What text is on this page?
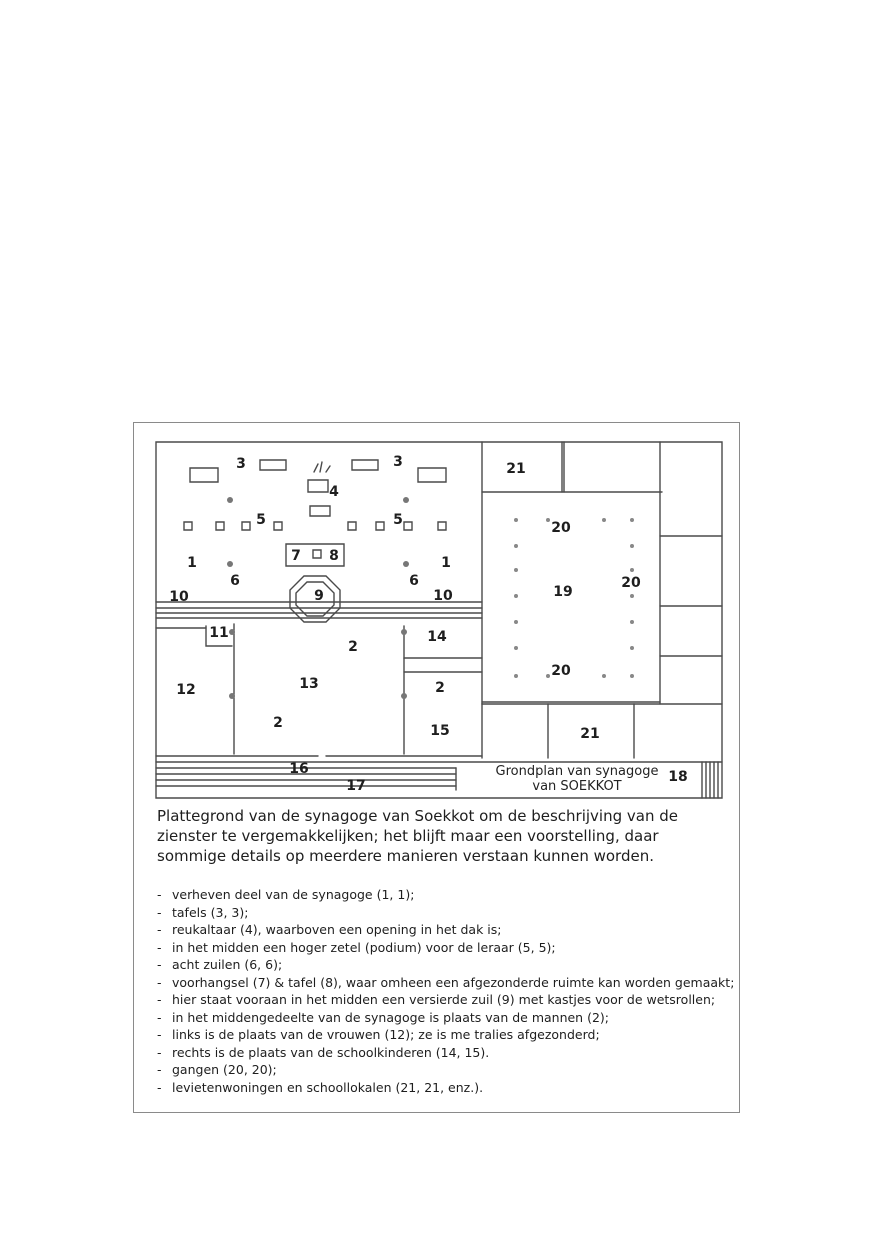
3	3
4
5	5
1	1
7 8
6	6
9
10	10
11
2
14
12	13	2
2	15
16
17
18
19
20
20
20
21
21
Grondplan van synagoge
van SOEKKOT

Plattegrond van de synagoge van Soekkot om de beschrijving van de zienster te vergemakkelijken; het blijft maar een voorstelling, daar sommige details op meerdere manieren verstaan kunnen worden.

- verheven deel van de synagoge (1, 1);
- tafels (3, 3);
- reukaltaar (4), waarboven een opening in het dak is;
- in het midden een hoger zetel (podium) voor de leraar (5, 5);
- acht zuilen (6, 6);
- voorhangsel (7) & tafel (8), waar omheen een afgezonderde ruimte kan worden gemaakt;
- hier staat vooraan in het midden een versierde zuil (9) met kastjes voor de wetsrollen;
- in het middengedeelte van de synagoge is plaats van de mannen (2);
- links is de plaats van de vrouwen (12); ze is me tralies afgezonderd;
- rechts is de plaats van de schoolkinderen (14, 15).
- gangen (20, 20);
- levietenwoningen en schoollokalen (21, 21, enz.).
